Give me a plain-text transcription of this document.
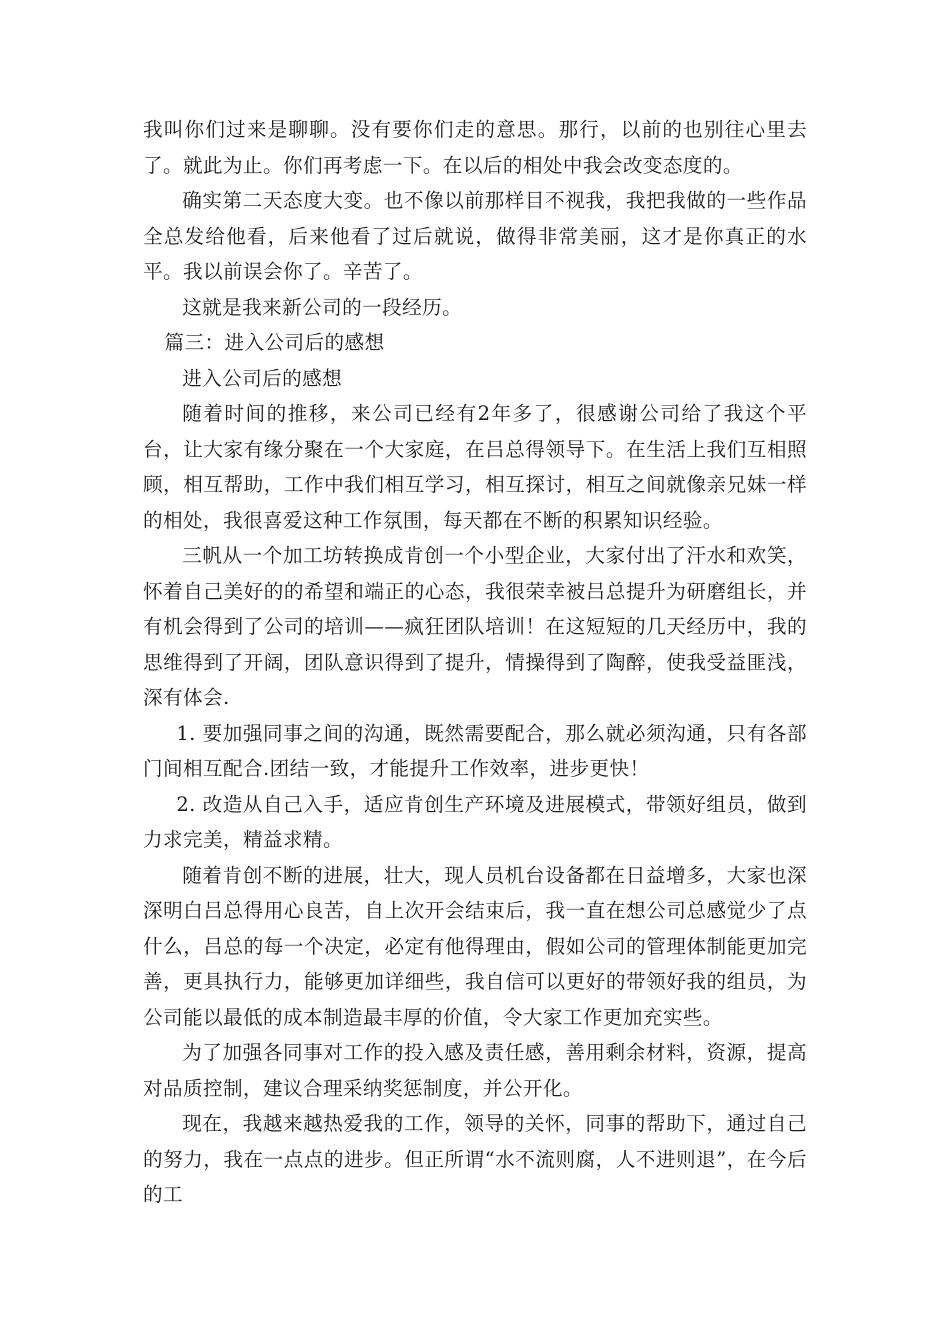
我叫你们过来是聊聊。没有要你们走的意思。那行，以前的也别往心里去了。就此为止。你们再考虑一下。在以后的相处中我会改变态度的。

确实第二天态度大变。也不像以前那样目不视我，我把我做的一些作品全总发给他看，后来他看了过后就说，做得非常美丽，这才是你真正的水平。我以前误会你了。辛苦了。

这就是我来新公司的一段经历。

篇三：进入公司后的感想

进入公司后的感想

随着时间的推移，来公司已经有2年多了，很感谢公司给了我这个平台，让大家有缘分聚在一个大家庭，在吕总得领导下。在生活上我们互相照顾，相互帮助，工作中我们相互学习，相互探讨，相互之间就像亲兄妹一样的相处，我很喜爱这种工作氛围，每天都在不断的积累知识经验。

三帆从一个加工坊转换成肯创一个小型企业，大家付出了汗水和欢笑，怀着自己美好的的希望和端正的心态，我很荣幸被吕总提升为研磨组长，并有机会得到了公司的培训——疯狂团队培训！在这短短的几天经历中，我的思维得到了开阔，团队意识得到了提升，情操得到了陶醉，使我受益匪浅，深有体会.

1. 要加强同事之间的沟通，既然需要配合，那么就必须沟通，只有各部门间相互配合.团结一致，才能提升工作效率，进步更快！

2. 改造从自己入手，适应肯创生产环境及进展模式，带领好组员，做到力求完美，精益求精。

随着肯创不断的进展，壮大，现人员机台设备都在日益增多，大家也深深明白吕总得用心良苦，自上次开会结束后，我一直在想公司总感觉少了点什么，吕总的每一个决定，必定有他得理由，假如公司的管理体制能更加完善，更具执行力，能够更加详细些，我自信可以更好的带领好我的组员，为公司能以最低的成本制造最丰厚的价值，令大家工作更加充实些。

为了加强各同事对工作的投入感及责任感，善用剩余材料，资源，提高对品质控制，建议合理采纳奖惩制度，并公开化。

现在，我越来越热爱我的工作，领导的关怀，同事的帮助下，通过自己的努力，我在一点点的进步。但正所谓“水不流则腐，人不进则退”，在今后的工
